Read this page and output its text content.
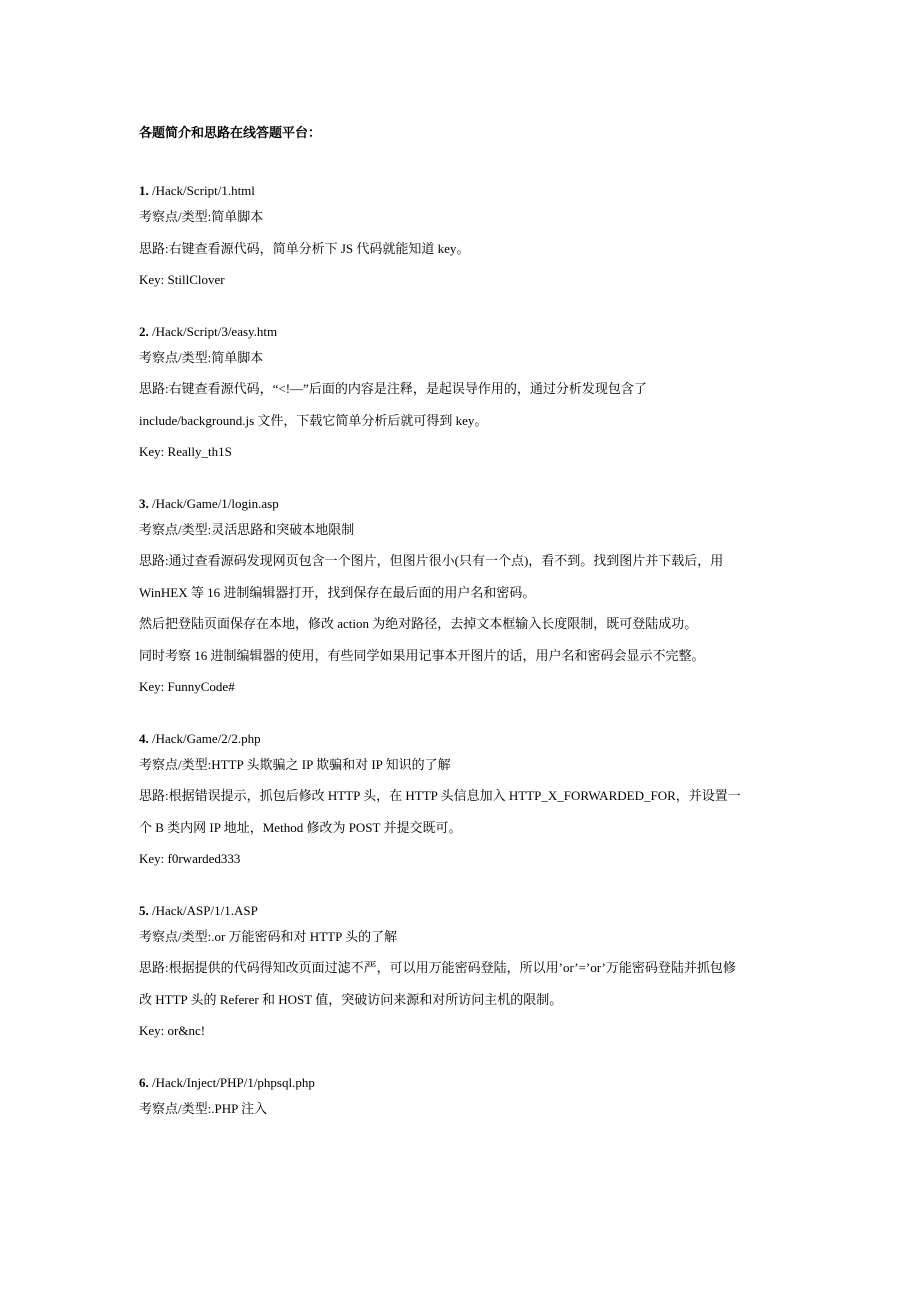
各题简介和思路在线答题平台：
1. /Hack/Script/1.html
考察点/类型:简单脚本
思路:右键查看源代码，简单分析下 JS 代码就能知道 key。
Key: StillClover
2. /Hack/Script/3/easy.htm
考察点/类型:简单脚本
思路:右键查看源代码，“<!—”后面的内容是注释，是起误导作用的，通过分析发现包含了
include/background.js 文件，下载它简单分析后就可得到 key。
Key: Really_th1S
3. /Hack/Game/1/login.asp
考察点/类型:灵活思路和突破本地限制
思路:通过查看源码发现网页包含一个图片，但图片很小(只有一个点)，看不到。找到图片并下载后，用
WinHEX 等 16 进制编辑器打开，找到保存在最后面的用户名和密码。
然后把登陆页面保存在本地，修改 action 为绝对路径，去掉文本框输入长度限制，既可登陆成功。
同时考察 16 进制编辑器的使用，有些同学如果用记事本开图片的话，用户名和密码会显示不完整。
Key: FunnyCode#
4. /Hack/Game/2/2.php
考察点/类型:HTTP 头欺骗之 IP 欺骗和对 IP 知识的了解
思路:根据错误提示，抓包后修改 HTTP 头，在 HTTP 头信息加入 HTTP_X_FORWARDED_FOR，并设置一
个 B 类内网 IP 地址，Method 修改为 POST 并提交既可。
Key: f0rwarded333
5. /Hack/ASP/1/1.ASP
考察点/类型:.or 万能密码和对 HTTP 头的了解
思路:根据提供的代码得知改页面过滤不严，可以用万能密码登陆，所以用’or’=’or’万能密码登陆并抓包修
改 HTTP 头的 Referer 和 HOST 值，突破访问来源和对所访问主机的限制。
Key: or&nc!
6. /Hack/Inject/PHP/1/phpsql.php
考察点/类型:.PHP 注入
